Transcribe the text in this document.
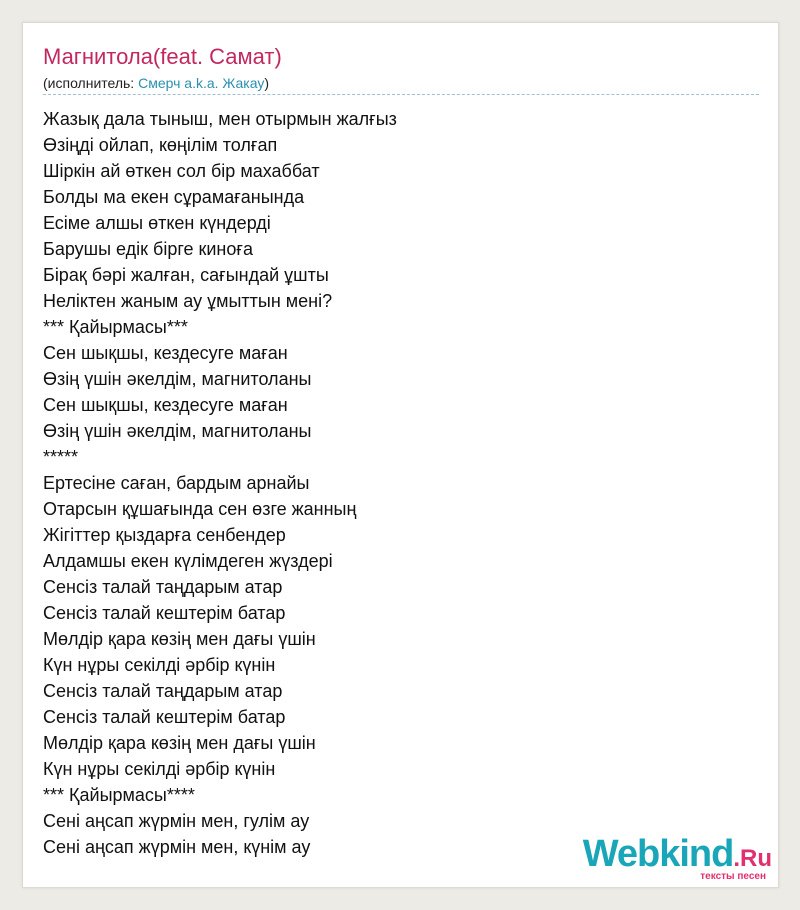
Магнитола(feat. Самат)
(исполнитель: Смерч a.k.a. Жакау)
Жазық дала тыныш, мен отырмын жалғыз
Өзіңді ойлап, көңілім толғап
Шіркін ай өткен сол бір махаббат
Болды ма екен сұрамағанында
Есіме алшы өткен күндерді
Барушы едік бірге киноға
Бірақ бәрі жалған, сағындай ұшты
Неліктен жаным ау ұмыттын мені?
*** Қайырмасы***
Сен шықшы, кездесуге маған
Өзің үшін әкелдім, магнитоланы
Сен шықшы, кездесуге маған
Өзің үшін әкелдім, магнитоланы
*****
Ертесіне саған, бардым арнайы
Отарсын құшағында сен өзге жанның
Жігіттер қыздарға сенбендер
Алдамшы екен күлімдеген жүздері
Сенсіз талай таңдарым атар
Сенсіз талай кештерім батар
Мөлдір қара көзің мен дағы үшін
Күн нұры секілді әрбір күнін
Сенсіз талай таңдарым атар
Сенсіз талай кештерім батар
Мөлдір қара көзің мен дағы үшін
Күн нұры секілді әрбір күнін
*** Қайырмасы****
Сені аңсап жүрмін мен, гулім ау
Сені аңсап жүрмін мен, күнім ау	Webkind.Ru
тексты песен
